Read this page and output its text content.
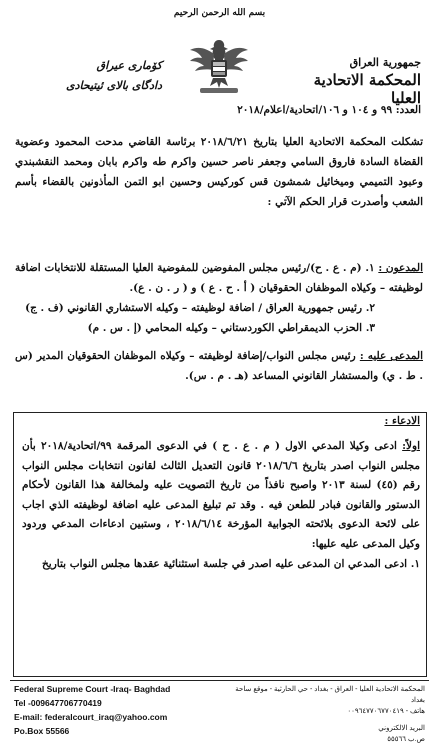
بسم الله الرحمن الرحيم
جمهورية العراق
المحكمة الاتحادية العليا
كۆماری عیراق
دادگای بالای ئیتیحادی
العدد: ٩٩ و ١٠٤ و ١٠٦/اتحادية/اعلام/٢٠١٨
تشكلت المحكمة الاتحادية العليا بتاريخ ٢٠١٨/٦/٢١ برئاسة القاضي مدحت المحمود وعضوية القضاة السادة فاروق السامي وجعفر ناصر حسين واكرم طه واكرم بابان ومحمد النقشبندي وعبود التميمي وميخائيل شمشون قس كوركيس وحسين ابو التمن المأذونين بالقضاء بأسم الشعب وأصدرت قرار الحكم الآتي :
المدعون : ١. (م . ع . ح)/رئيس مجلس المفوضين للمفوضية العليا المستقلة للانتخابات اضافة لوظيفته – وكيلاه الموظفان الحقوقيان ( أ . ح . ع ) و ( ر . ن . ع).
٢. رئيس جمهورية العراق / اضافة لوظيفته – وكيله الاستشاري القانوني (ف . ج)
٣. الحزب الديمقراطي الكوردستاني – وكيله المحامي (إ . س . م)
المدعى عليه : رئيس مجلس النواب/إضافة لوظيفته – وكيلاه الموظفان الحقوقيان المدير (س . ط . ي) والمستشار القانوني المساعد (هـ . م . س).
الادعاء :
اولاً: ادعى وكيلا المدعي الاول ( م . ع . ح ) في الدعوى المرقمة ٩٩/اتحادية/٢٠١٨ بأن مجلس النواب اصدر بتاريخ ٢٠١٨/٦/٦ قانون التعديل الثالث لقانون انتخابات مجلس النواب رقم (٤٥) لسنة ٢٠١٣ واصبح نافذاً من تاريخ التصويت عليه ولمخالفة هذا القانون لأحكام الدستور والقانون فبادر للطعن فيه . وقد تم تبليغ المدعى عليه اضافة لوظيفته الذي اجاب على لائحة الدعوى بلائحته الجوابية المؤرخة ٢٠١٨/٦/١٤ ، وستبين ادعاءات المدعي وردود وكيل المدعى عليه عليها:
١. ادعى المدعي ان المدعى عليه اصدر في جلسة استثنائية عقدها مجلس النواب بتاريخ
Federal Supreme Court -Iraq- Baghdad
Tel -009647706770419
E-mail: federalcourt_iraq@yahoo.com
Po.Box 55566
المحكمة الاتحادية العليا - العراق - بغداد - حي الحارثية - موقع ساحة بغداد
هاتف - ٠٠٩٦٤٧٧٠٦٧٧٠٤١٩
البريد الالكتروني
ص.ب ٥٥٥٦٦
